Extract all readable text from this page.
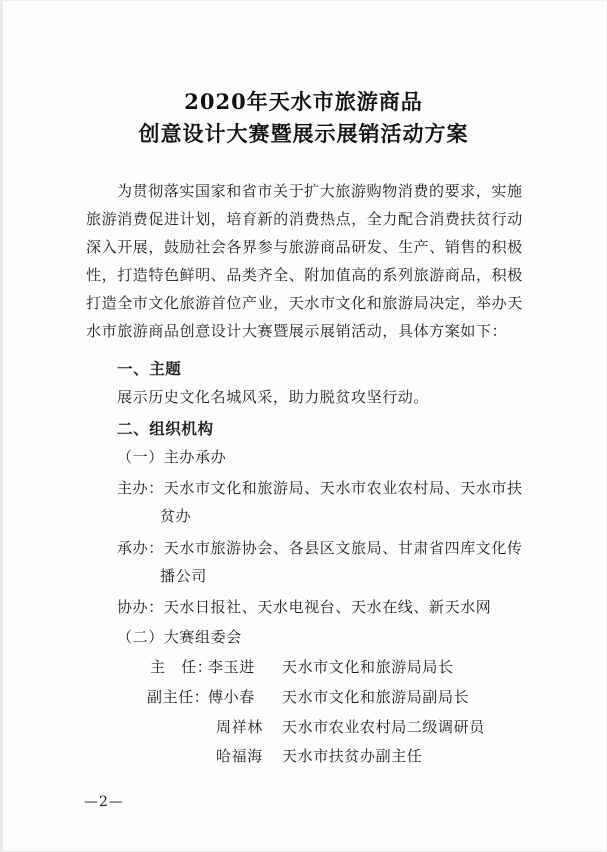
2020年天水市旅游商品
创意设计大赛暨展示展销活动方案
为贯彻落实国家和省市关于扩大旅游购物消费的要求，实施
旅游消费促进计划，培育新的消费热点，全力配合消费扶贫行动
深入开展，鼓励社会各界参与旅游商品研发、生产、销售的积极
性，打造特色鲜明、品类齐全、附加值高的系列旅游商品，积极
打造全市文化旅游首位产业，天水市文化和旅游局决定，举办天
水市旅游商品创意设计大赛暨展示展销活动，具体方案如下：
一、主题
展示历史文化名城风采，助力脱贫攻坚行动。
二、组织机构
（一）主办承办
主办：天水市文化和旅游局、天水市农业农村局、天水市扶
贫办
承办：天水市旅游协会、各县区文旅局、甘肃省四库文化传
播公司
协办：天水日报社、天水电视台、天水在线、新天水网
（二）大赛组委会
主　任：
李玉进 天水市文化和旅游局局长
副主任：
傅小春 天水市文化和旅游局副局长
周祥林 天水市农业农村局二级调研员
哈福海 天水市扶贫办副主任
—2—
